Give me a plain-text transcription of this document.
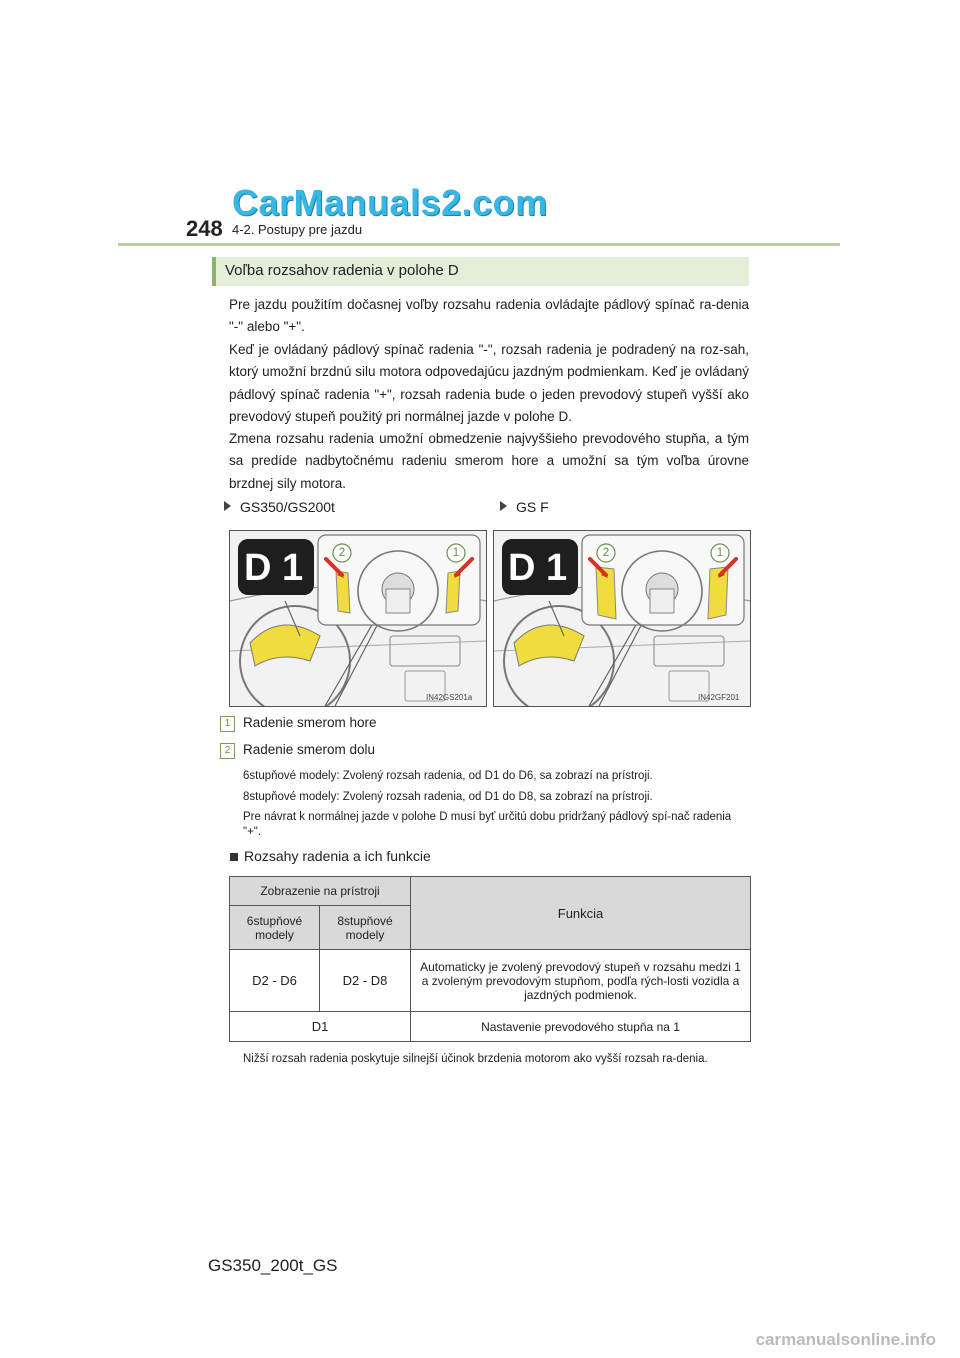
CarManuals2.com
248 4-2. Postupy pre jazdu
Voľba rozsahov radenia v polohe D
Pre jazdu použitím dočasnej voľby rozsahu radenia ovládajte pádlový spínač ra-denia "-" alebo "+".
Keď je ovládaný pádlový spínač radenia "-", rozsah radenia je podradený na roz-sah, ktorý umožní brzdnú silu motora odpovedajúcu jazdným podmienkam. Keď je ovládaný pádlový spínač radenia "+", rozsah radenia bude o jeden prevodový stupeň vyšší ako prevodový stupeň použitý pri normálnej jazde v polohe D.
Zmena rozsahu radenia umožní obmedzenie najvyššieho prevodového stupňa, a tým sa predíde nadbytočnému radeniu smerom hore a umožní sa tým voľba úrovne brzdnej sily motora.
GS350/GS200t	GS F
D 1	2	1
IN42GS201a
D 1	2	1
IN42GF201
1 Radenie smerom hore
2 Radenie smerom dolu
6stupňové modely: Zvolený rozsah radenia, od D1 do D6, sa zobrazí na prístroji.
8stupňové modely: Zvolený rozsah radenia, od D1 do D8, sa zobrazí na prístroji.
Pre návrat k normálnej jazde v polohe D musí byť určitú dobu pridržaný pádlový spí-nač radenia "+".
Rozsahy radenia a ich funkcie
Zobrazenie na prístroji		Funkcia
6stupňové modely	8stupňové modely	
D2 - D6	D2 - D8	Automaticky je zvolený prevodový stupeň v rozsahu medzi 1 a zvoleným prevodovým stupňom, podľa rých-losti vozidla a jazdných podmienok.
D1		Nastavenie prevodového stupňa na 1
Nižší rozsah radenia poskytuje silnejší účinok brzdenia motorom ako vyšší rozsah ra-denia.
GS350_200t_GS
carmanualsonline.info
